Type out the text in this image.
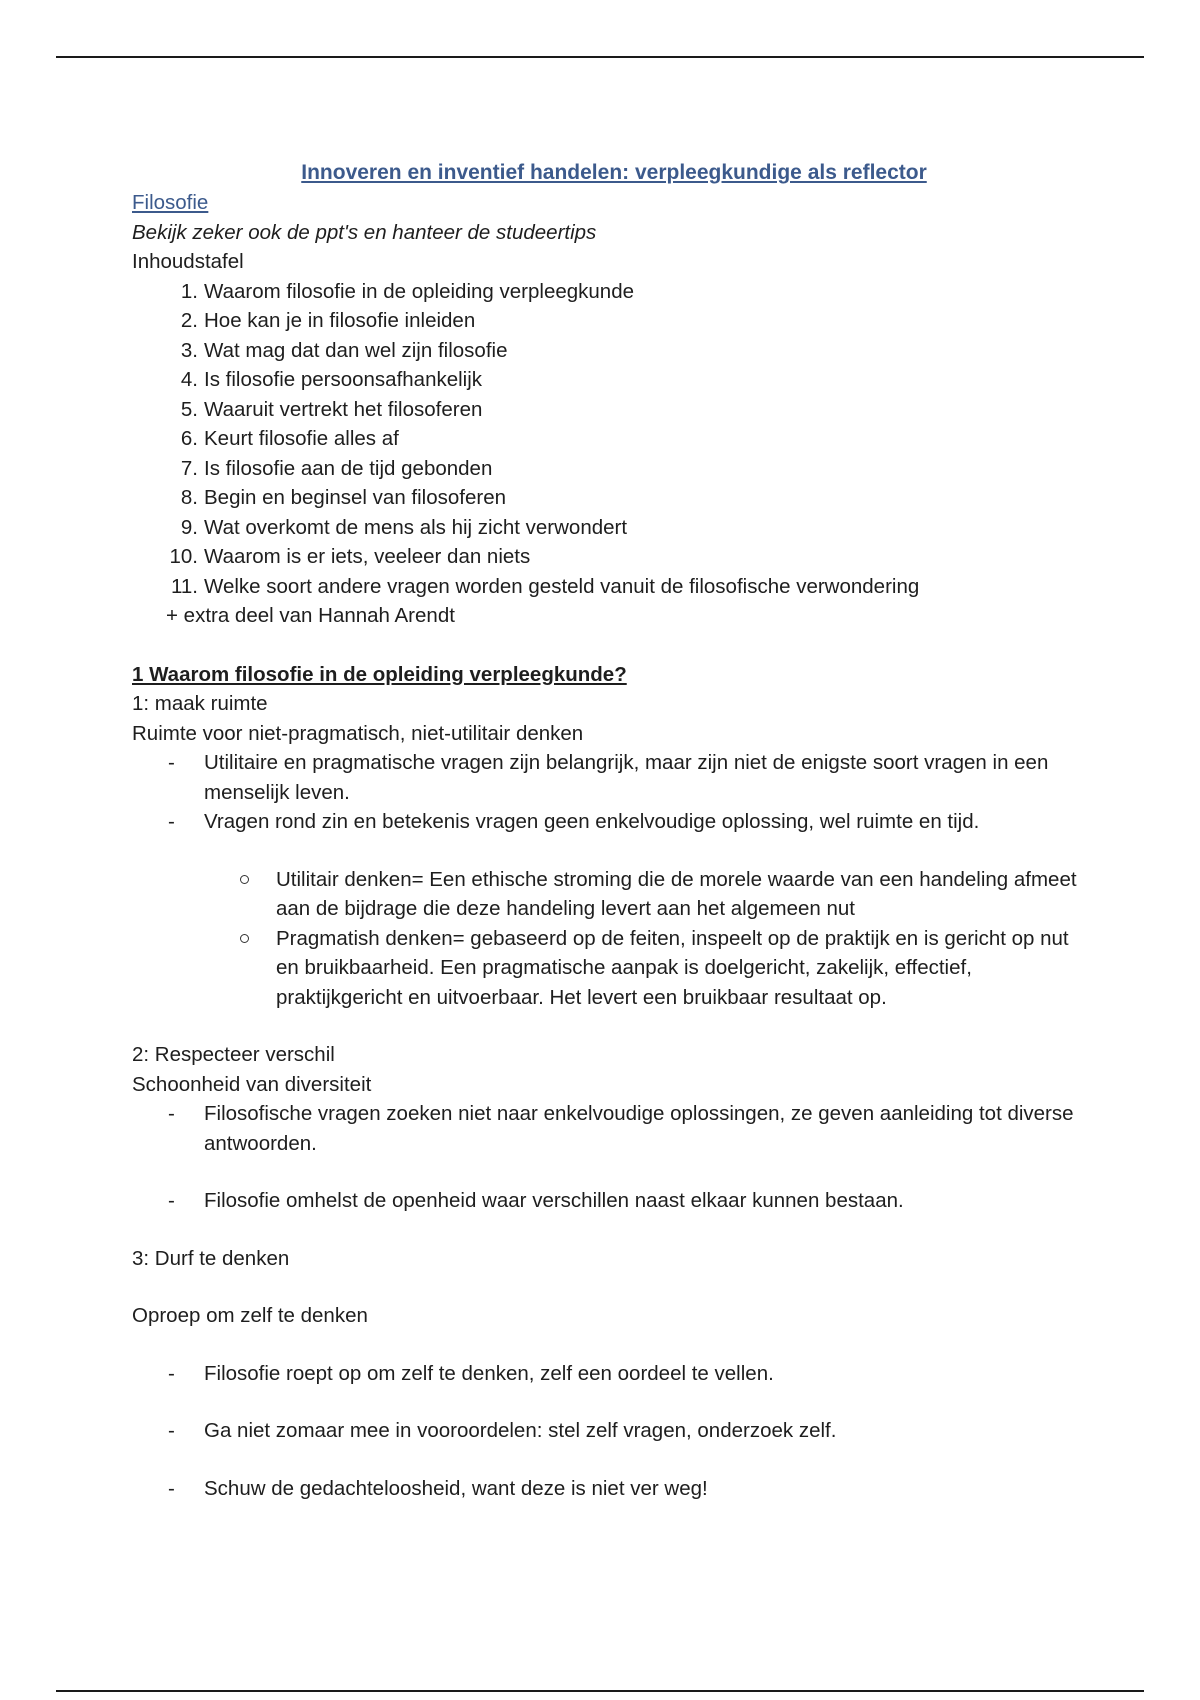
Innoveren en inventief handelen: verpleegkundige als reflector
Filosofie
Bekijk zeker ook de ppt's en hanteer de studeertips
Inhoudstafel
1. Waarom filosofie in de opleiding verpleegkunde
2. Hoe kan je in filosofie inleiden
3. Wat mag dat dan wel zijn filosofie
4. Is filosofie persoonsafhankelijk
5. Waaruit vertrekt het filosoferen
6. Keurt filosofie alles af
7. Is filosofie aan de tijd gebonden
8. Begin en beginsel van filosoferen
9. Wat overkomt de mens als hij zicht verwondert
10. Waarom is er iets, veeleer dan niets
11. Welke soort andere vragen worden gesteld vanuit de filosofische verwondering
+ extra deel van Hannah Arendt
1 Waarom filosofie in de opleiding verpleegkunde?
1: maak ruimte
Ruimte voor niet-pragmatisch, niet-utilitair denken
- Utilitaire en pragmatische vragen zijn belangrijk, maar zijn niet de enigste soort vragen in een menselijk leven.
- Vragen rond zin en betekenis vragen geen enkelvoudige oplossing, wel ruimte en tijd.
Utilitair denken= Een ethische stroming die de morele waarde van een handeling afmeet aan de bijdrage die deze handeling levert aan het algemeen nut
Pragmatish denken= gebaseerd op de feiten, inspeelt op de praktijk en is gericht op nut en bruikbaarheid. Een pragmatische aanpak is doelgericht, zakelijk, effectief, praktijkgericht en uitvoerbaar. Het levert een bruikbaar resultaat op.
2: Respecteer verschil
Schoonheid van diversiteit
- Filosofische vragen zoeken niet naar enkelvoudige oplossingen, ze geven aanleiding tot diverse antwoorden.
- Filosofie omhelst de openheid waar verschillen naast elkaar kunnen bestaan.
3: Durf te denken
Oproep om zelf te denken
- Filosofie roept op om zelf te denken, zelf een oordeel te vellen.
- Ga niet zomaar mee in vooroordelen: stel zelf vragen, onderzoek zelf.
- Schuw de gedachteloosheid, want deze is niet ver weg!
